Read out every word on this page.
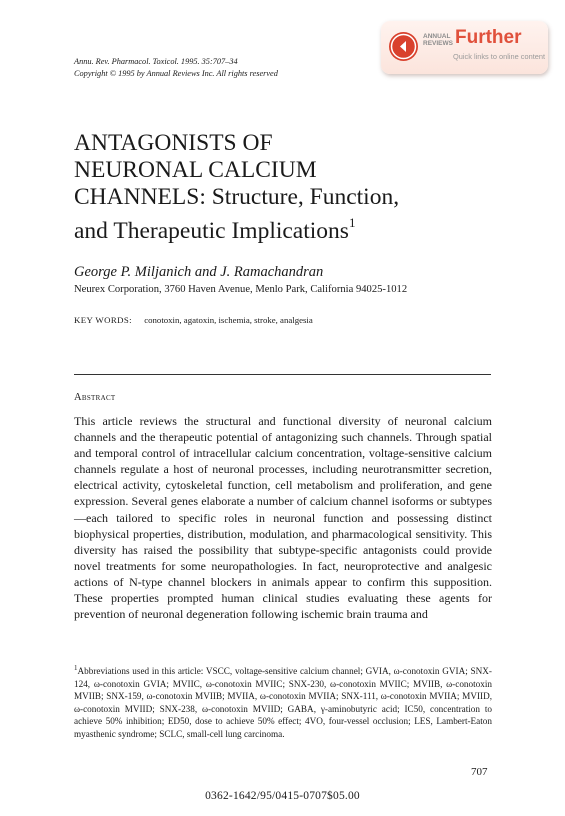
Annu. Rev. Pharmacol. Toxicol. 1995. 35:707–34
Copyright © 1995 by Annual Reviews Inc. All rights reserved
ANNUAL
REVIEWS Further
Quick links to online content
ANTAGONISTS OF
NEURONAL CALCIUM
CHANNELS: Structure, Function,
and Therapeutic Implications$^1$
George P. Miljanich and J. Ramachandran
Neurex Corporation, 3760 Haven Avenue, Menlo Park, California 94025-1012
KEY WORDS: conotoxin, agatoxin, ischemia, stroke, analgesia
Abstract
This article reviews the structural and functional diversity of neuronal calcium channels and the therapeutic potential of antagonizing such channels. Through spatial and temporal control of intracellular calcium concentration, voltage-sensitive calcium channels regulate a host of neuronal processes, including neurotransmitter secretion, electrical activity, cytoskeletal function, cell metabolism and proliferation, and gene expression. Several genes elaborate a number of calcium channel isoforms or subtypes—each tailored to specific roles in neuronal function and possessing distinct biophysical properties, distribution, modulation, and pharmacological sensitivity. This diversity has raised the possibility that subtype-specific antagonists could provide novel treatments for some neuropathologies. In fact, neuroprotective and analgesic actions of N-type channel blockers in animals appear to confirm this supposition. These properties prompted human clinical studies evaluating these agents for prevention of neuronal degeneration following ischemic brain trauma and
$^1$Abbreviations used in this article: VSCC, voltage-sensitive calcium channel; GVIA, ω-conotoxin GVIA; SNX-124, ω-conotoxin GVIA; MVIIC, ω-conotoxin MVIIC; SNX-230, ω-conotoxin MVIIC; MVIIB, ω-conotoxin MVIIB; SNX-159, ω-conotoxin MVIIB; MVIIA, ω-conotoxin MVIIA; SNX-111, ω-conotoxin MVIIA; MVIID, ω-conotoxin MVIID; SNX-238, ω-conotoxin MVIID; GABA, γ-aminobutyric acid; IC50, concentration to achieve 50% inhibition; ED50, dose to achieve 50% effect; 4VO, four-vessel occlusion; LES, Lambert-Eaton myasthenic syndrome; SCLC, small-cell lung carcinoma.
707
0362-1642/95/0415-0707$05.00
